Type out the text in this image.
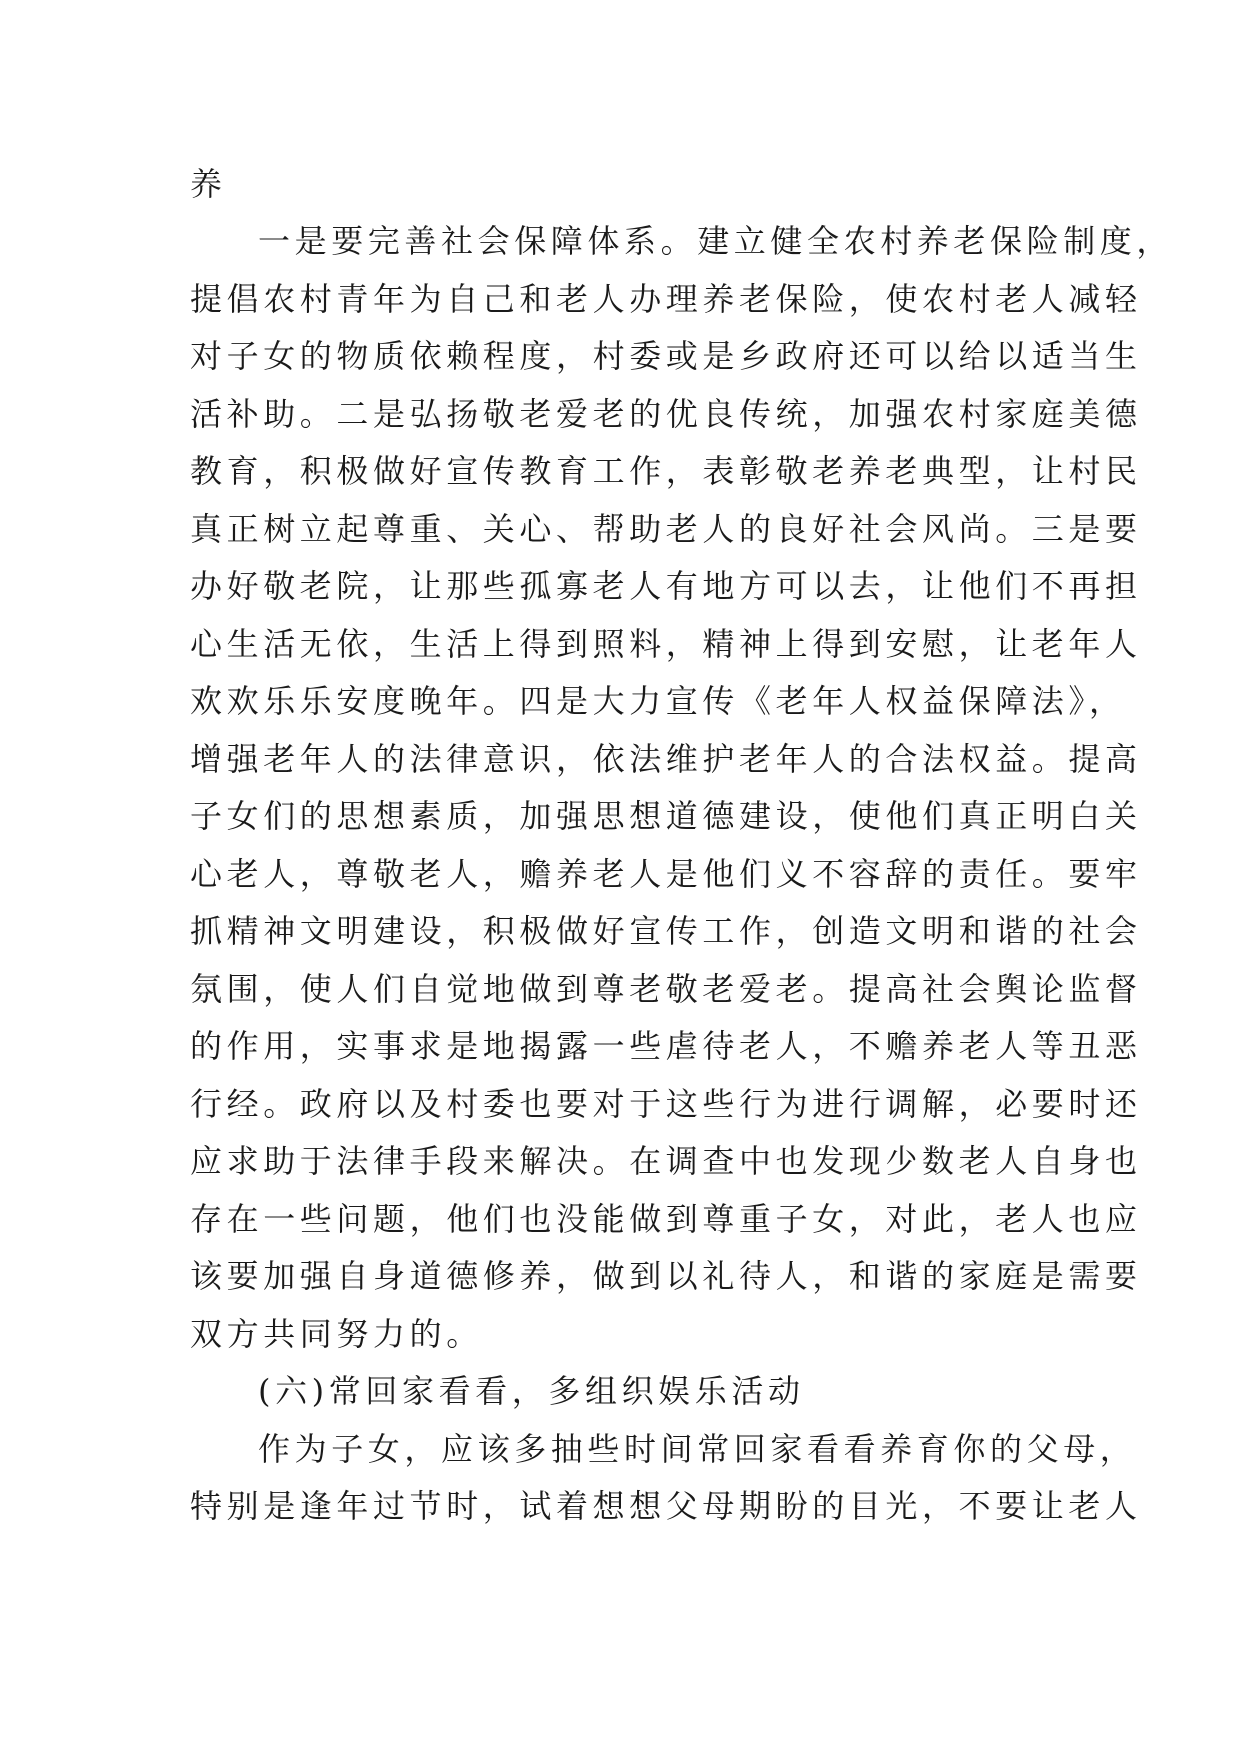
养
一是要完善社会保障体系。建立健全农村养老保险制度，
提倡农村青年为自己和老人办理养老保险，使农村老人减轻
对子女的物质依赖程度，村委或是乡政府还可以给以适当生
活补助。二是弘扬敬老爱老的优良传统，加强农村家庭美德
教育，积极做好宣传教育工作，表彰敬老养老典型，让村民
真正树立起尊重、关心、帮助老人的良好社会风尚。三是要
办好敬老院，让那些孤寡老人有地方可以去，让他们不再担
心生活无依，生活上得到照料，精神上得到安慰，让老年人
欢欢乐乐安度晚年。四是大力宣传《老年人权益保障法》，
增强老年人的法律意识，依法维护老年人的合法权益。提高
子女们的思想素质，加强思想道德建设，使他们真正明白关
心老人，尊敬老人，赡养老人是他们义不容辞的责任。要牢
抓精神文明建设，积极做好宣传工作，创造文明和谐的社会
氛围，使人们自觉地做到尊老敬老爱老。提高社会舆论监督
的作用，实事求是地揭露一些虐待老人，不赡养老人等丑恶
行经。政府以及村委也要对于这些行为进行调解，必要时还
应求助于法律手段来解决。在调查中也发现少数老人自身也
存在一些问题，他们也没能做到尊重子女，对此，老人也应
该要加强自身道德修养，做到以礼待人，和谐的家庭是需要
双方共同努力的。
(六)常回家看看，多组织娱乐活动
作为子女，应该多抽些时间常回家看看养育你的父母，
特别是逢年过节时，试着想想父母期盼的目光，不要让老人
